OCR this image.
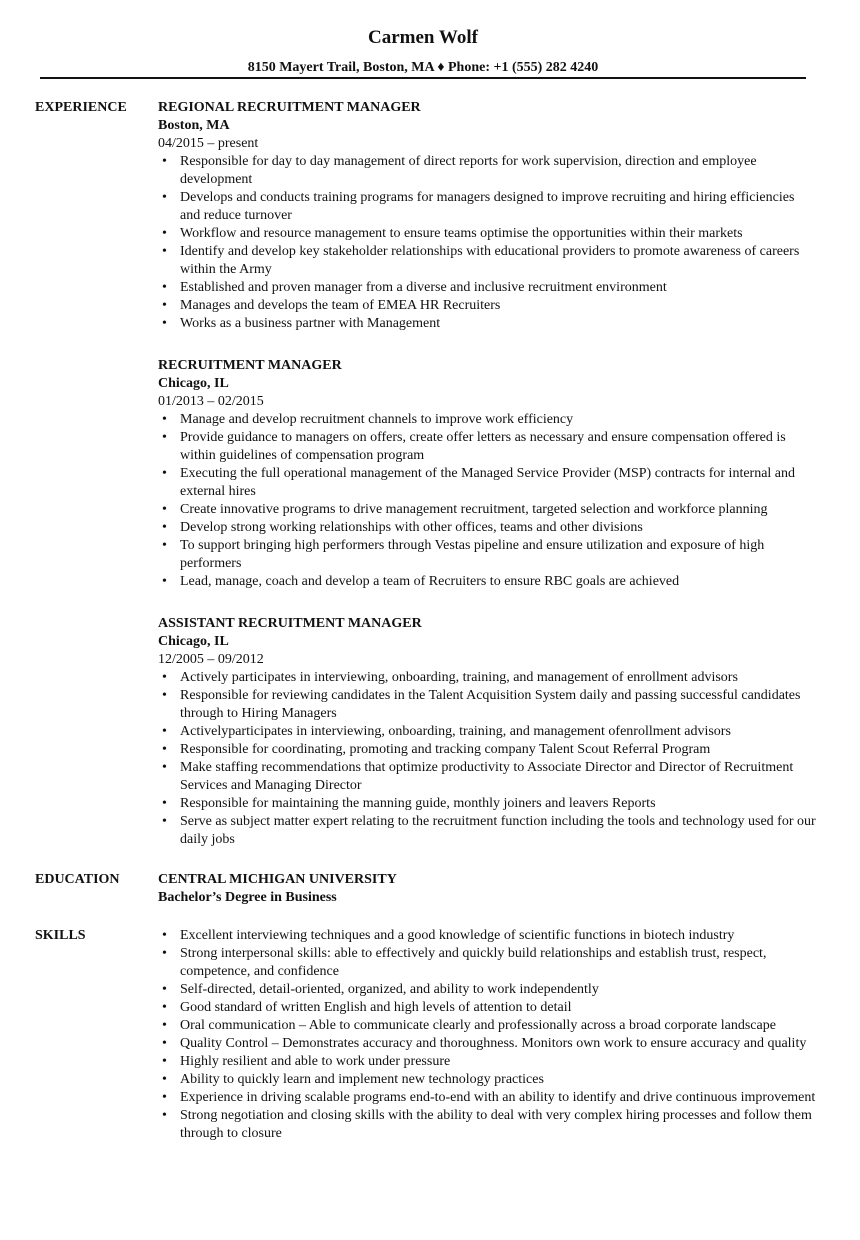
Carmen Wolf
8150 Mayert Trail, Boston, MA ♦ Phone: +1 (555) 282 4240
EXPERIENCE REGIONAL RECRUITMENT MANAGER
Boston, MA
04/2015 – present
• Responsible for day to day management of direct reports for work supervision, direction and employee development
• Develops and conducts training programs for managers designed to improve recruiting and hiring efficiencies and reduce turnover
• Workflow and resource management to ensure teams optimise the opportunities within their markets
• Identify and develop key stakeholder relationships with educational providers to promote awareness of careers within the Army
• Established and proven manager from a diverse and inclusive recruitment environment
• Manages and develops the team of EMEA HR Recruiters
• Works as a business partner with Management
RECRUITMENT MANAGER
Chicago, IL
01/2013 – 02/2015
• Manage and develop recruitment channels to improve work efficiency
• Provide guidance to managers on offers, create offer letters as necessary and ensure compensation offered is within guidelines of compensation program
• Executing the full operational management of the Managed Service Provider (MSP) contracts for internal and external hires
• Create innovative programs to drive management recruitment, targeted selection and workforce planning
• Develop strong working relationships with other offices, teams and other divisions
• To support bringing high performers through Vestas pipeline and ensure utilization and exposure of high performers
• Lead, manage, coach and develop a team of Recruiters to ensure RBC goals are achieved
ASSISTANT RECRUITMENT MANAGER
Chicago, IL
12/2005 – 09/2012
• Actively participates in interviewing, onboarding, training, and management of enrollment advisors
• Responsible for reviewing candidates in the Talent Acquisition System daily and passing successful candidates through to Hiring Managers
• Activelyparticipates in interviewing, onboarding, training, and management ofenrollment advisors
• Responsible for coordinating, promoting and tracking company Talent Scout Referral Program
• Make staffing recommendations that optimize productivity to Associate Director and Director of Recruitment Services and Managing Director
• Responsible for maintaining the manning guide, monthly joiners and leavers Reports
• Serve as subject matter expert relating to the recruitment function including the tools and technology used for our daily jobs
EDUCATION	CENTRAL MICHIGAN UNIVERSITY
Bachelor’s Degree in Business
SKILLS
•	Excellent interviewing techniques and a good knowledge of scientific functions in biotech industry
• Strong interpersonal skills: able to effectively and quickly build relationships and establish trust, respect, competence, and confidence
• Self-directed, detail-oriented, organized, and ability to work independently
• Good standard of written English and high levels of attention to detail
• Oral communication – Able to communicate clearly and professionally across a broad corporate landscape
• Quality Control – Demonstrates accuracy and thoroughness. Monitors own work to ensure accuracy and quality
• Highly resilient and able to work under pressure
• Ability to quickly learn and implement new technology practices
• Experience in driving scalable programs end-to-end with an ability to identify and drive continuous improvement
• Strong negotiation and closing skills with the ability to deal with very complex hiring processes and follow them through to closure
